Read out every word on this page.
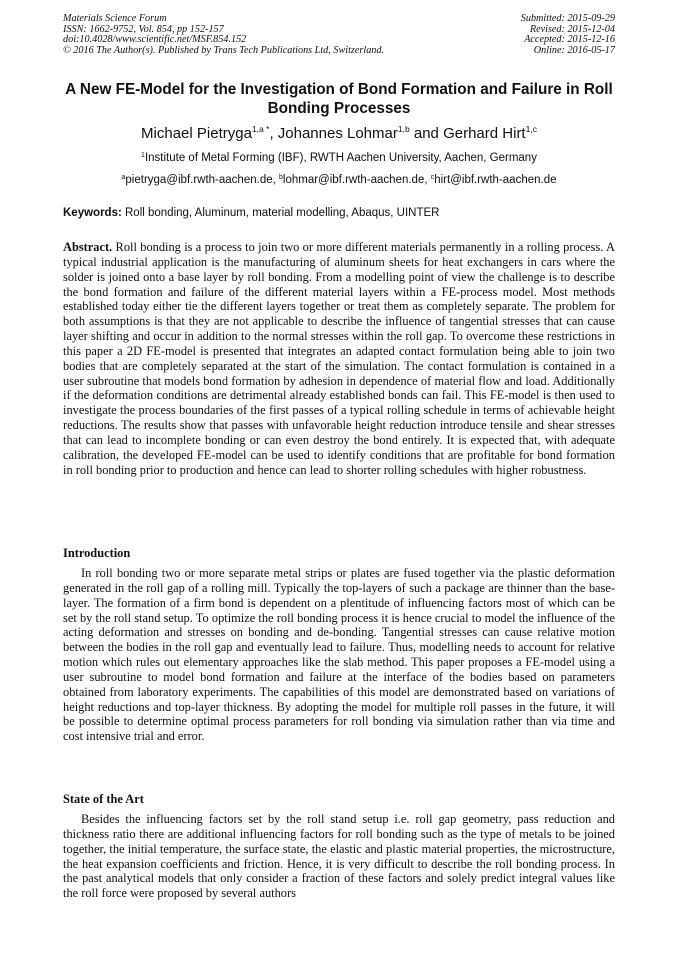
Materials Science Forum
ISSN: 1662-9752, Vol. 854, pp 152-157
doi:10.4028/www.scientific.net/MSF.854.152
© 2016 The Author(s). Published by Trans Tech Publications Ltd, Switzerland.
Submitted: 2015-09-29
Revised: 2015-12-04
Accepted: 2015-12-16
Online: 2016-05-17
A New FE-Model for the Investigation of Bond Formation and Failure in Roll Bonding Processes
Michael Pietryga$^{1,a *}$, Johannes Lohmar$^{1,b}$ and Gerhard Hirt$^{1,c}$
$^1$Institute of Metal Forming (IBF), RWTH Aachen University, Aachen, Germany
$^a$pietryga@ibf.rwth-aachen.de, $^b$lohmar@ibf.rwth-aachen.de, $^c$hirt@ibf.rwth-aachen.de
Keywords: Roll bonding, Aluminum, material modelling, Abaqus, UINTER
Abstract. Roll bonding is a process to join two or more different materials permanently in a rolling process. A typical industrial application is the manufacturing of aluminum sheets for heat exchangers in cars where the solder is joined onto a base layer by roll bonding. From a modelling point of view the challenge is to describe the bond formation and failure of the different material layers within a FE-process model. Most methods established today either tie the different layers together or treat them as completely separate. The problem for both assumptions is that they are not applicable to describe the influence of tangential stresses that can cause layer shifting and occur in addition to the normal stresses within the roll gap. To overcome these restrictions in this paper a 2D FE-model is presented that integrates an adapted contact formulation being able to join two bodies that are completely separated at the start of the simulation. The contact formulation is contained in a user subroutine that models bond formation by adhesion in dependence of material flow and load. Additionally if the deformation conditions are detrimental already established bonds can fail. This FE-model is then used to investigate the process boundaries of the first passes of a typical rolling schedule in terms of achievable height reductions. The results show that passes with unfavorable height reduction introduce tensile and shear stresses that can lead to incomplete bonding or can even destroy the bond entirely. It is expected that, with adequate calibration, the developed FE-model can be used to identify conditions that are profitable for bond formation in roll bonding prior to production and hence can lead to shorter rolling schedules with higher robustness.
Introduction
In roll bonding two or more separate metal strips or plates are fused together via the plastic deformation generated in the roll gap of a rolling mill. Typically the top-layers of such a package are thinner than the base-layer. The formation of a firm bond is dependent on a plentitude of influencing factors most of which can be set by the roll stand setup. To optimize the roll bonding process it is hence crucial to model the influence of the acting deformation and stresses on bonding and de-bonding. Tangential stresses can cause relative motion between the bodies in the roll gap and eventually lead to failure. Thus, modelling needs to account for relative motion which rules out elementary approaches like the slab method. This paper proposes a FE-model using a user subroutine to model bond formation and failure at the interface of the bodies based on parameters obtained from laboratory experiments. The capabilities of this model are demonstrated based on variations of height reductions and top-layer thickness. By adopting the model for multiple roll passes in the future, it will be possible to determine optimal process parameters for roll bonding via simulation rather than via time and cost intensive trial and error.
State of the Art
Besides the influencing factors set by the roll stand setup i.e. roll gap geometry, pass reduction and thickness ratio there are additional influencing factors for roll bonding such as the type of metals to be joined together, the initial temperature, the surface state, the elastic and plastic material properties, the microstructure, the heat expansion coefficients and friction. Hence, it is very difficult to describe the roll bonding process. In the past analytical models that only consider a fraction of these factors and solely predict integral values like the roll force were proposed by several authors
